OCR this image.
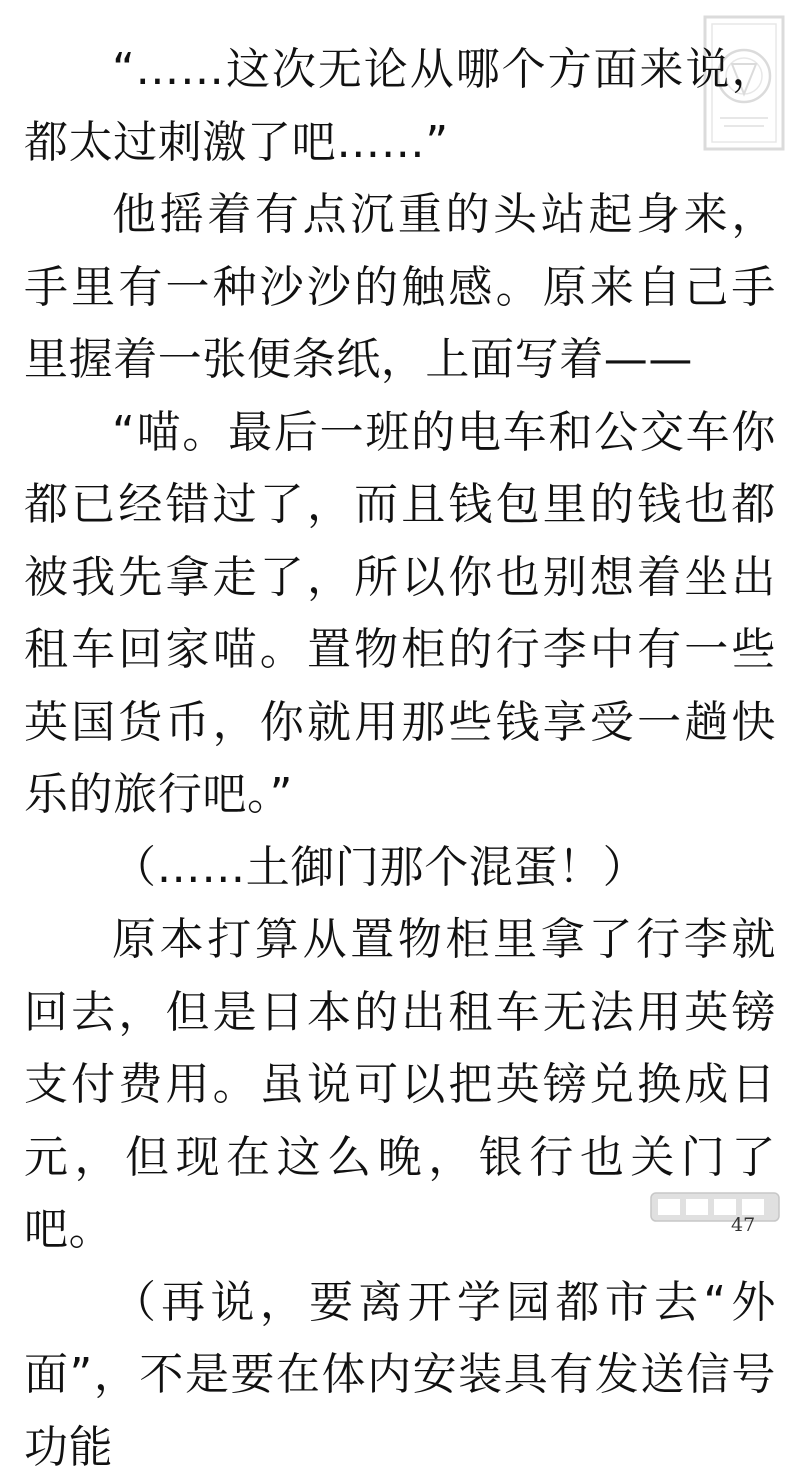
“……这次无论从哪个方面来说，都太过刺激了吧……”

他摇着有点沉重的头站起身来，手里有一种沙沙的触感。原来自己手里握着一张便条纸，上面写着——

“喵。最后一班的电车和公交车你都已经错过了，而且钱包里的钱也都被我先拿走了，所以你也别想着坐出租车回家喵。置物柜的行李中有一些英国货币，你就用那些钱享受一趟快乐的旅行吧。”

（……土御门那个混蛋！）

原本打算从置物柜里拿了行李就回去，但是日本的出租车无法用英镑支付费用。虽说可以把英镑兑换成日元，但现在这么晚，银行也关门了吧。

（再说，要离开学园都市去“外面”，不是要在体内安装具有发送信号功能

47
